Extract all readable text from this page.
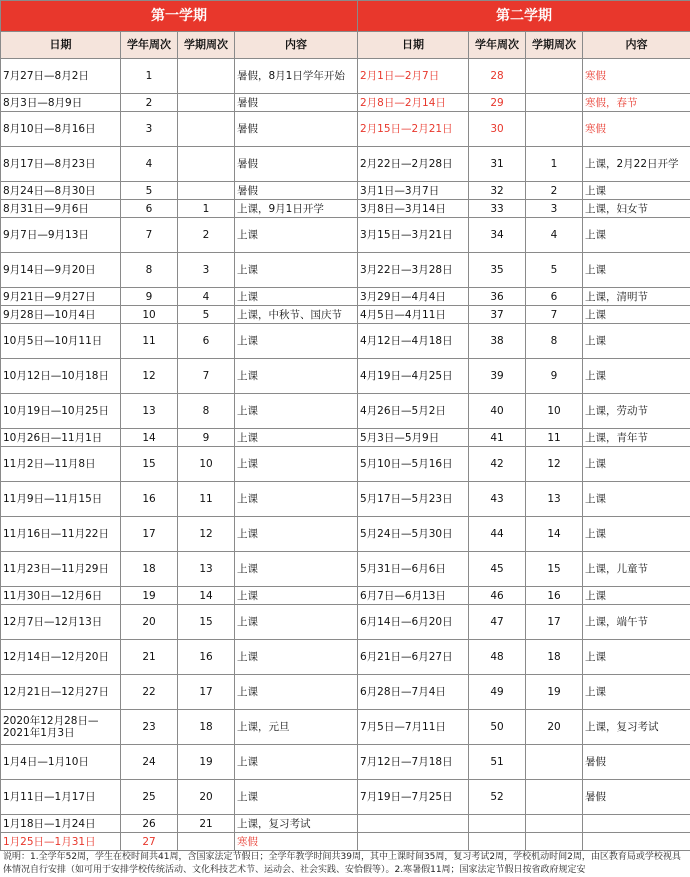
第一学期				第二学期			
日期	学年周次	学期周次	内容	日期	学年周次	学期周次	内容
7月27日—8月2日	1		暑假，8月1日学年开始	2月1日—2月7日	28		寒假
8月3日—8月9日	2		暑假	2月8日—2月14日	29		寒假，春节
8月10日—8月16日	3		暑假	2月15日—2月21日	30		寒假
8月17日—8月23日	4		暑假	2月22日—2月28日	31	1	上课，2月22日开学
8月24日—8月30日	5		暑假	3月1日—3月7日	32	2	上课
8月31日—9月6日	6	1	上课，9月1日开学	3月8日—3月14日	33	3	上课，妇女节
9月7日—9月13日	7	2	上课	3月15日—3月21日	34	4	上课
9月14日—9月20日	8	3	上课	3月22日—3月28日	35	5	上课
9月21日—9月27日	9	4	上课	3月29日—4月4日	36	6	上课，清明节
9月28日—10月4日	10	5	上课，中秋节、国庆节	4月5日—4月11日	37	7	上课
10月5日—10月11日	11	6	上课	4月12日—4月18日	38	8	上课
10月12日—10月18日	12	7	上课	4月19日—4月25日	39	9	上课
10月19日—10月25日	13	8	上课	4月26日—5月2日	40	10	上课，劳动节
10月26日—11月1日	14	9	上课	5月3日—5月9日	41	11	上课，青年节
11月2日—11月8日	15	10	上课	5月10日—5月16日	42	12	上课
11月9日—11月15日	16	11	上课	5月17日—5月23日	43	13	上课
11月16日—11月22日	17	12	上课	5月24日—5月30日	44	14	上课
11月23日—11月29日	18	13	上课	5月31日—6月6日	45	15	上课，儿童节
11月30日—12月6日	19	14	上课	6月7日—6月13日	46	16	上课
12月7日—12月13日	20	15	上课	6月14日—6月20日	47	17	上课，端午节
12月14日—12月20日	21	16	上课	6月21日—6月27日	48	18	上课
12月21日—12月27日	22	17	上课	6月28日—7月4日	49	19	上课
2020年12月28日—2021年1月3日	23	18	上课，元旦	7月5日—7月11日	50	20	上课，复习考试
1月4日—1月10日	24	19	上课	7月12日—7月18日	51		暑假
1月11日—1月17日	25	20	上课	7月19日—7月25日	52		暑假
1月18日—1月24日	26	21	上课，复习考试				
1月25日—1月31日	27		寒假				
说明：1.全学年52周，学生在校时间共41周，含国家法定节假日；全学年教学时间共39周，其中上课时间35周，复习考试2周，学校机动时间2周，由区教育局或学校视具体情况自行安排（如可用于安排学校传统活动、文化科技艺术节、运动会、社会实践、安恰假等）。2.寒暑假11周；国家法定节假日按省政府规定安
